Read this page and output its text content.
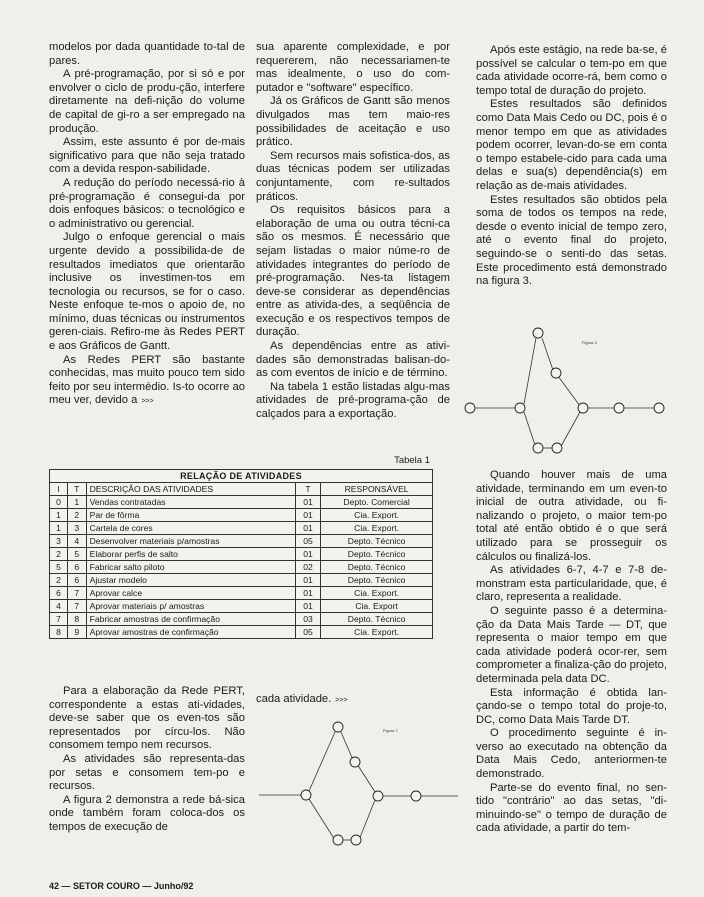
modelos por dada quantidade to-tal de pares.

A pré-programação, por si só e por envolver o ciclo de produ-ção, interfere diretamente na defi-nição do volume de capital de gi-ro a ser empregado na produção.

Assim, este assunto é por de-mais significativo para que não seja tratado com a devida respon-sabilidade.

A redução do período necessá-rio à pré-programação é consegui-da por dois enfoques básicos: o tecnológico e o administrativo ou gerencial.

Julgo o enfoque gerencial o mais urgente devido a possibilida-de de resultados imediatos que orientarão inclusive os investimen-tos em tecnologia ou recursos, se for o caso. Neste enfoque te-mos o apoio de, no mínimo, duas técnicas ou instrumentos geren-ciais. Refiro-me às Redes PERT e aos Gráficos de Gantt.

As Redes PERT são bastante conhecidas, mas muito pouco tem sido feito por seu intermédio. Is-to ocorre ao meu ver, devido a >>>

sua aparente complexidade, e por requererem, não necessariamen-te mas idealmente, o uso do com-putador e "software" específico.

Já os Gráficos de Gantt são menos divulgados mas tem maio-res possibilidades de aceitação e uso prático.

Sem recursos mais sofistica-dos, as duas técnicas podem ser utilizadas conjuntamente, com re-sultados práticos.

Os requisitos básicos para a elaboração de uma ou outra técni-ca são os mesmos. É necessário que sejam listadas o maior núme-ro de atividades integrantes do período de pré-programação. Nes-ta listagem deve-se considerar as dependências entre as ativida-des, a seqüência de execução e os respectivos tempos de duração.

As dependências entre as ativi-dades são demonstradas balisan-do-as com eventos de início e de término.

Na tabela 1 estão listadas algu-mas atividades de pré-programa-ção de calçados para a exportação.

Após este estágio, na rede ba-se, é possível se calcular o tem-po em que cada atividade ocorre-rá, bem como o tempo total de duração do projeto.

Estes resultados são definidos como Data Mais Cedo ou DC, pois é o menor tempo em que as atividades podem ocorrer, levan-do-se em conta o tempo estabele-cido para cada uma delas e sua(s) dependência(s) em relação as de-mais atividades.

Estes resultados são obtidos pela soma de todos os tempos na rede, desde o evento inicial de tempo zero, até o evento final do projeto, seguindo-se o senti-do das setas. Este procedimento está demonstrado na figura 3.

Figura 3
Tabela 1
RELAÇÃO DE ATIVIDADES				
I	T	DESCRIÇÃO DAS ATIVIDADES	T	RESPONSÁVEL
0	1	Vendas contratadas	01	Depto. Comercial
1	2	Par de fôrma	01	Cia. Export.
1	3	Cartela de cores	01	Cia. Export.
3	4	Desenvolver materiais p/amostras	05	Depto. Técnico
2	5	Elaborar perfis de salto	01	Depto. Técnico
5	6	Fabricar salto piloto	02	Depto. Técnico
2	6	Ajustar modelo	01	Depto. Técnico
6	7	Aprovar calce	01	Cia. Export.
4	7	Aprovar materiais p/ amostras	01	Cia. Export
7	8	Fabricar amostras de confirmação	03	Depto. Técnico
8	9	Aprovar amostras de confirmação	05	Cia. Export.

Para a elaboração da Rede PERT, correspondente a estas ati-vidades, deve-se saber que os even-tos são representados por círcu-los. Não consomem tempo nem recursos.

As atividades são representa-das por setas e consomem tem-po e recursos.

A figura 2 demonstra a rede bá-sica onde também foram coloca-dos os tempos de execução de

cada atividade. >>>

Figura 7

Quando houver mais de uma atividade, terminando em um even-to inicial de outra atividade, ou fi-nalizando o projeto, o maior tem-po total até então obtido é o que será utilizado para se prosseguir os cálculos ou finalizá-los.

As atividades 6-7, 4-7 e 7-8 de-monstram esta particularidade, que, é claro, representa a realidade.

O seguinte passo é a determina-ção da Data Mais Tarde — DT, que representa o maior tempo em que cada atividade poderá ocor-rer, sem comprometer a finaliza-ção do projeto, determinada pela data DC.

Esta informação é obtida lan-çando-se o tempo total do proje-to, DC, como Data Mais Tarde DT.

O procedimento seguinte é in-verso ao executado na obtenção da Data Mais Cedo, anteriormen-te demonstrado.

Parte-se do evento final, no sen-tido "contrário" ao das setas, "di-minuindo-se" o tempo de duração de cada atividade, a partir do tem-

42 — SETOR COURO — Junho/92
